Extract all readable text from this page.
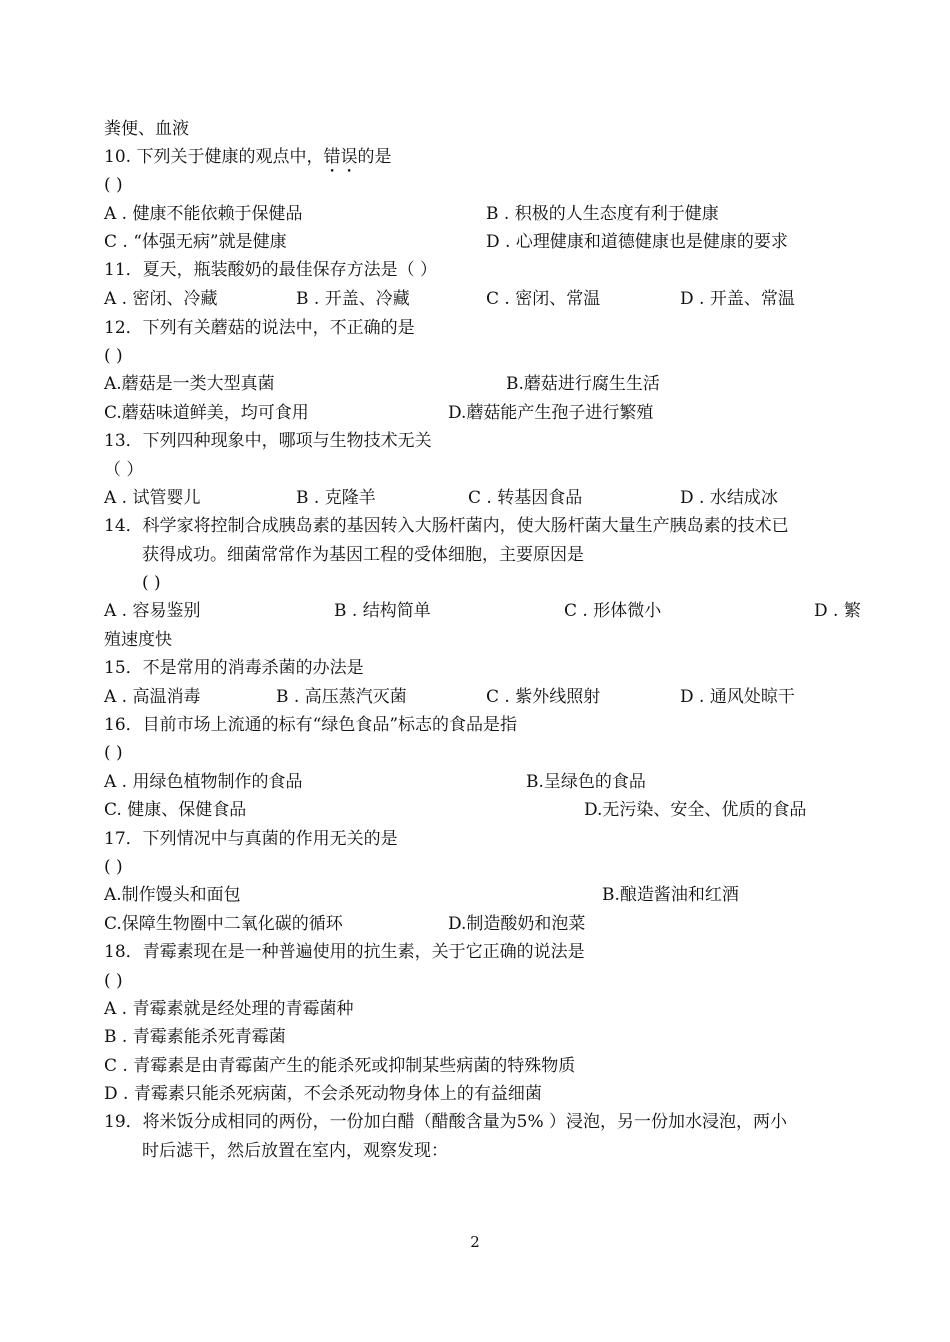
粪便、血液
10. 下列关于健康的观点中，错误的是
( )
A . 健康不能依赖于保健品	B . 积极的人生态度有利于健康
C . “体强无病”就是健康	D . 心理健康和道德健康也是健康的要求
11．夏天，瓶装酸奶的最佳保存方法是（ ）
A . 密闭、冷藏	B . 开盖、冷藏	C . 密闭、常温	D . 开盖、常温
12．下列有关蘑菇的说法中，不正确的是
( )
A.蘑菇是一类大型真菌	B.蘑菇进行腐生生活
C.蘑菇味道鲜美，均可食用	D.蘑菇能产生孢子进行繁殖
13．下列四种现象中，哪项与生物技术无关
（ ）
A . 试管婴儿	B . 克隆羊	C . 转基因食品	D . 水结成冰
14．科学家将控制合成胰岛素的基因转入大肠杆菌内，使大肠杆菌大量生产胰岛素的技术已
获得成功。细菌常常作为基因工程的受体细胞，主要原因是
( )
A . 容易鉴别	B . 结构简单	C . 形体微小	D . 繁
殖速度快
15．不是常用的消毒杀菌的办法是
A . 高温消毒	B . 高压蒸汽灭菌	C . 紫外线照射	D . 通风处晾干
16．目前市场上流通的标有“绿色食品”标志的食品是指
( )
A . 用绿色植物制作的食品	B.呈绿色的食品
C. 健康、保健食品	D.无污染、安全、优质的食品
17．下列情况中与真菌的作用无关的是
( )
A.制作馒头和面包	B.酿造酱油和红酒
C.保障生物圈中二氧化碳的循环	D.制造酸奶和泡菜
18．青霉素现在是一种普遍使用的抗生素，关于它正确的说法是
( )
A . 青霉素就是经处理的青霉菌种
B . 青霉素能杀死青霉菌
C . 青霉素是由青霉菌产生的能杀死或抑制某些病菌的特殊物质
D . 青霉素只能杀死病菌，不会杀死动物身体上的有益细菌
19．将米饭分成相同的两份，一份加白醋（醋酸含量为5% ）浸泡，另一份加水浸泡，两小
时后滤干，然后放置在室内，观察发现：
2
